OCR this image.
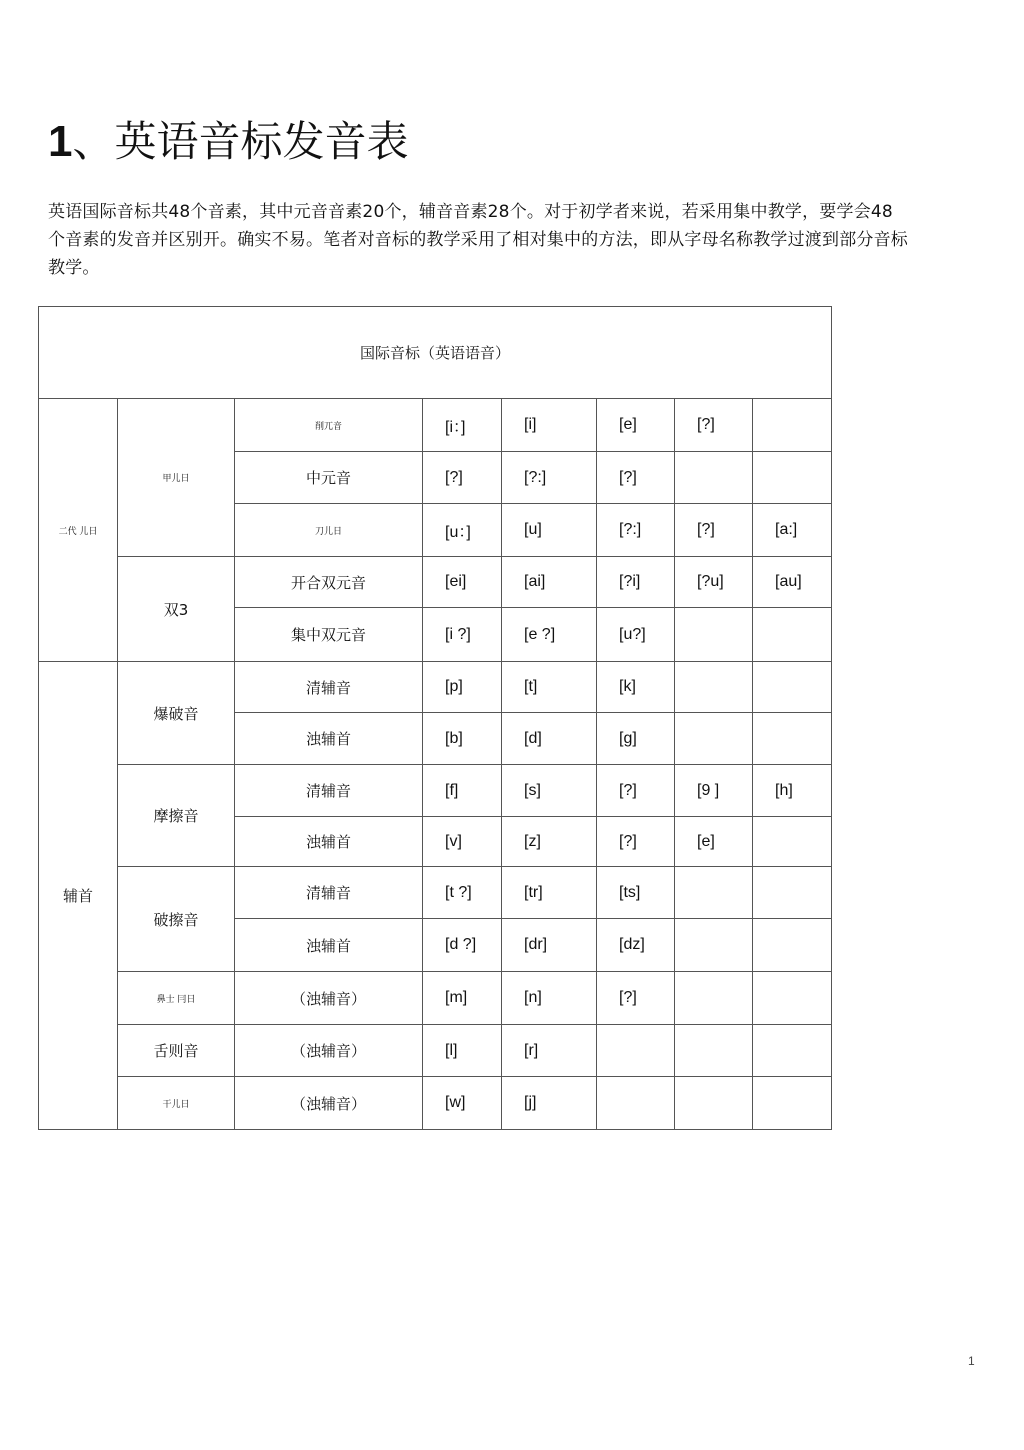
1、英语音标发音表

英语国际音标共48个音素，其中元音音素20个，辅音音素28个。对于初学者来说，若采用集中教学，要学会48个音素的发音并区别开。确实不易。笔者对音标的教学采用了相对集中的方法，即从字母名称教学过渡到部分音标教学。

国际音标（英语语音）							
二代 儿日	甲儿日	削兀音	[i：]	[i]	[e]	[?]	
		中元音	[?]	[?:]	[?]		
		刀儿日	[u：]	[u]	[?:]	[?]	[a:]
	双3	开合双元音	[ei]	[ai]	[?i]	[?u]	[au]
		集中双元音	[i ?]	[e ?]	[u?]		
辅首	爆破音	清辅音	[p]	[t]	[k]		
		浊辅首	[b]	[d]	[g]		
	摩擦音	清辅音	[f]	[s]	[?]	[9 ]	[h]
		浊辅首	[v]	[z]	[?]	[e]	
	破擦音	清辅音	[t ?]	[tr]	[ts]		
		浊辅首	[d ?]	[dr]	[dz]		
	鼻士 冃日	（浊辅音）	[m]	[n]	[?]		
	舌则音	（浊辅音）	[l]	[r]			
	干儿日	（浊辅音）	[w]	[j]			
1
